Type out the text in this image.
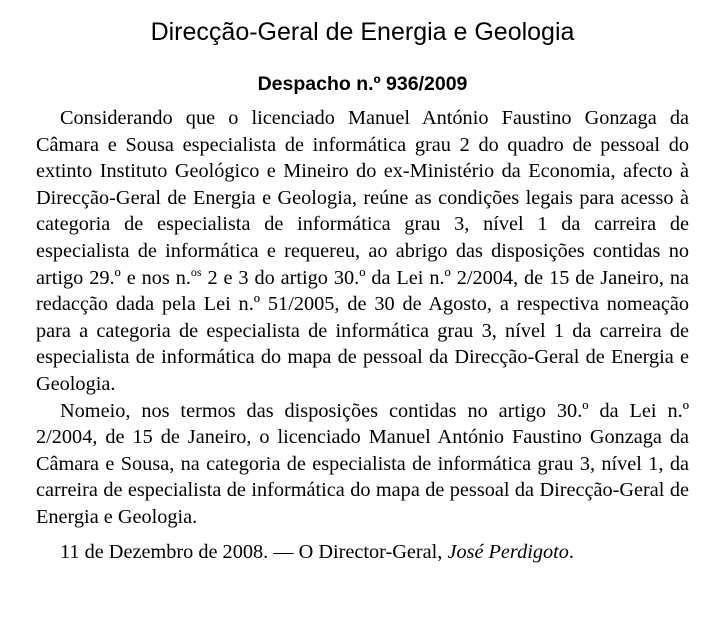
Direcção-Geral de Energia e Geologia
Despacho n.º 936/2009

Considerando que o licenciado Manuel António Faustino Gonzaga da Câmara e Sousa especialista de informática grau 2 do quadro de pessoal do extinto Instituto Geológico e Mineiro do ex-Ministério da Economia, afecto à Direcção-Geral de Energia e Geologia, reúne as condições legais para acesso à categoria de especialista de informática grau 3, nível 1 da carreira de especialista de informática e requereu, ao abrigo das disposições contidas no artigo 29.º e nos n.$^{os}$ 2 e 3 do artigo 30.º da Lei n.º 2/2004, de 15 de Janeiro, na redacção dada pela Lei n.º 51/2005, de 30 de Agosto, a respectiva nomeação para a categoria de especialista de informática grau 3, nível 1 da carreira de especialista de informática do mapa de pessoal da Direcção-Geral de Energia e Geologia.

Nomeio, nos termos das disposições contidas no artigo 30.º da Lei n.º 2/2004, de 15 de Janeiro, o licenciado Manuel António Faustino Gonzaga da Câmara e Sousa, na categoria de especialista de informática grau 3, nível 1, da carreira de especialista de informática do mapa de pessoal da Direcção-Geral de Energia e Geologia.

11 de Dezembro de 2008. — O Director-Geral, José Perdigoto.
